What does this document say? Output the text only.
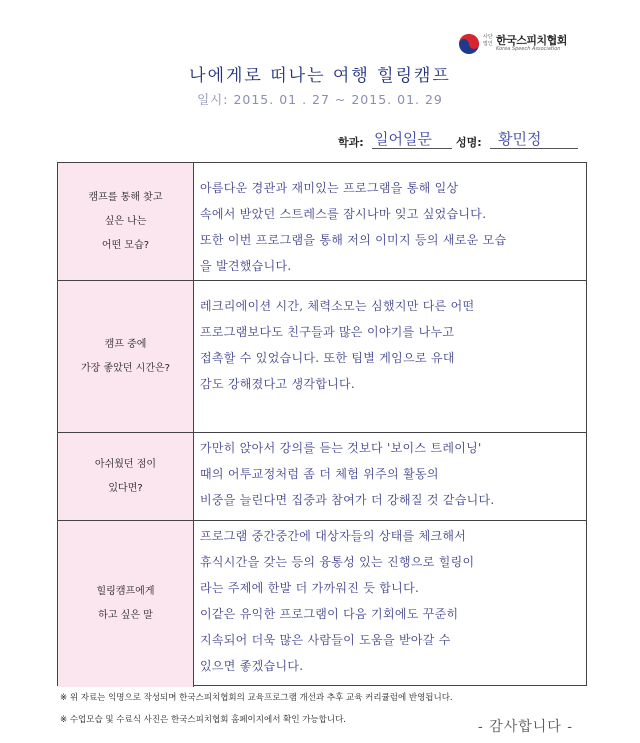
사단 법인 한국스피치협회
Korea Speech Association
나에게로 떠나는 여행 힐링캠프
일시: 2015. 01 . 27 ~ 2015. 01. 29
학과: 일어일문 성명: 황민정
캠프를 통해 찾고
싶은 나는
어떤 모습?
아름다운 경관과 재미있는 프로그램을 통해 일상
속에서 받았던 스트레스를 잠시나마 잊고 싶었습니다.
또한 이번 프로그램을 통해 저의 이미지 등의 새로운 모습
을 발견했습니다.
캠프 중에
가장 좋았던 시간은?
레크리에이션 시간, 체력소모는 심했지만 다른 어떤
프로그램보다도 친구들과 많은 이야기를 나누고
접촉할 수 있었습니다. 또한 팀별 게임으로 유대
감도 강해졌다고 생각합니다.
아쉬웠던 점이
있다면?
가만히 앉아서 강의를 듣는 것보다 '보이스 트레이닝'
때의 어투교정처럼 좀 더 체험 위주의 활동의
비중을 늘린다면 집중과 참여가 더 강해질 것 같습니다.
힐링캠프에게
하고 싶은 말
프로그램 중간중간에 대상자들의 상태를 체크해서
휴식시간을 갖는 등의 융통성 있는 진행으로 힐링이
라는 주제에 한발 더 가까워진 듯 합니다.
이같은 유익한 프로그램이 다음 기회에도 꾸준히
지속되어 더욱 많은 사람들이 도움을 받아갈 수
있으면 좋겠습니다.
※ 위 자료는 익명으로 작성되며 한국스피치협회의 교육프로그램 개선과 추후 교육 커리큘럼에 반영됩니다.
※ 수업모습 및 수료식 사진은 한국스피치협회 홈페이지에서 확인 가능합니다.	- 감사합니다 -
